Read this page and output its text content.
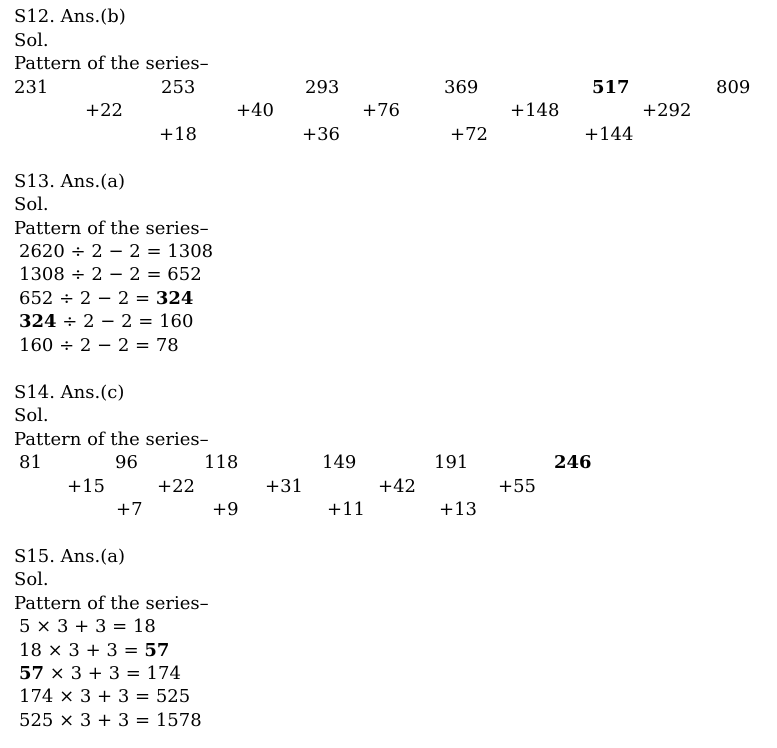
S12. Ans.(b)
Sol.
Pattern of the series–
231	253	293	369	517	809
+22	+40	+76	+148	+292
+18	+36	+72	+144
S13. Ans.(a)
Sol.
Pattern of the series–
2620 ÷ 2 − 2 = 1308
1308 ÷ 2 − 2 = 652
652 ÷ 2 − 2 = 324
324 ÷ 2 − 2 = 160
160 ÷ 2 − 2 = 78
S14. Ans.(c)
Sol.
Pattern of the series–
81	96	118	149	191	246
+15	+22	+31	+42	+55
+7	+9	+11	+13
S15. Ans.(a)
Sol.
Pattern of the series–
5 × 3 + 3 = 18
18 × 3 + 3 = 57
57 × 3 + 3 = 174
174 × 3 + 3 = 525
525 × 3 + 3 = 1578
